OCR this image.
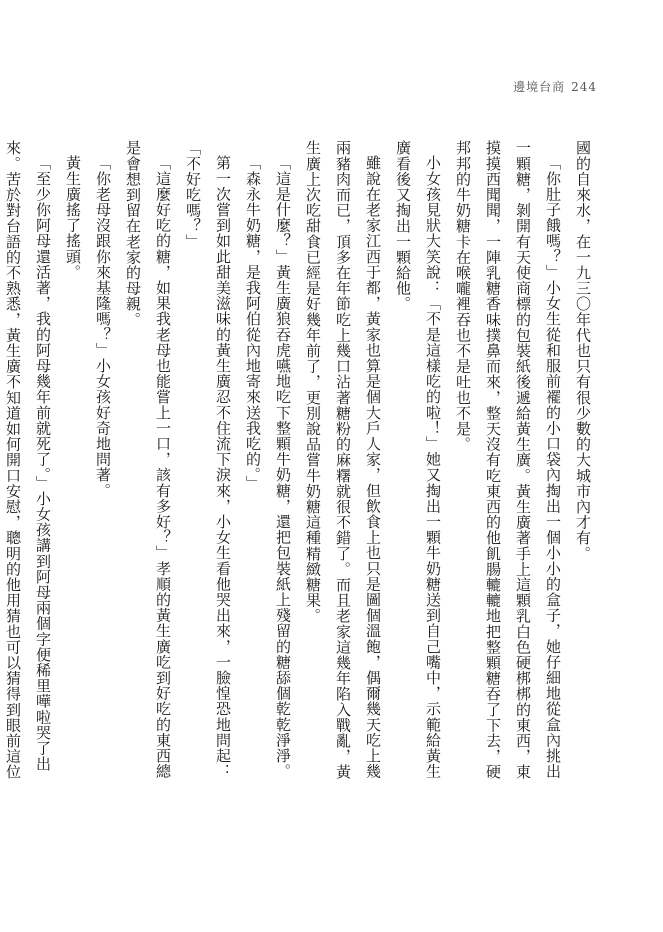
邊境台商 244

國的自來水，在一九三〇年代也只有很少數的大城市內才有。

「你肚子餓嗎？」小女生從和服前襬的小口袋內掏出一個小小的盒子，她仔細地從盒內挑出一顆糖，剝開有天使商標的包裝紙後遞給黃生廣。黃生廣著手上這顆乳白色硬梆梆的東西，東摸摸西聞聞，一陣乳糖香味撲鼻而來，整天沒有吃東西的他飢腸轆轆地把整顆糖吞了下去，硬邦邦的牛奶糖卡在喉嚨裡吞也不是吐也不是。

小女孩見狀大笑說：「不是這樣吃的啦！」她又掏出一顆牛奶糖送到自己嘴中，示範給黃生廣看後又掏出一顆給他。

雖說在老家江西于都，黃家也算是個大戶人家，但飲食上也只是圖個溫飽，偶爾幾天吃上幾兩豬肉而已，頂多在年節吃上幾口沾著糖粉的麻糬就很不錯了。而且老家這幾年陷入戰亂，黃生廣上次吃甜食已經是好幾年前了，更別說品嘗牛奶糖這種精緻糖果。

「這是什麼？」黃生廣狼吞虎嚥地吃下整顆牛奶糖，還把包裝紙上殘留的糖舔個乾乾淨淨。

「森永牛奶糖，是我阿伯從內地寄來送我吃的。」

第一次嘗到如此甜美滋味的黃生廣忍不住流下淚來，小女生看他哭出來，一臉惶恐地問起：「不好吃嗎？」

「這麼好吃的糖，如果我老母也能嘗上一口，該有多好？」孝順的黃生廣吃到好吃的東西總是會想到留在老家的母親。

「你老母沒跟你來基隆嗎？」小女孩好奇地問著。

黃生廣搖了搖頭。

「至少你阿母還活著，我的阿母幾年前就死了。」小女孩講到阿母兩個字便稀里嘩啦哭了出來。苦於對台語的不熟悉，黃生廣不知道如何開口安慰，聰明的他用猜也可以猜得到眼前這位
